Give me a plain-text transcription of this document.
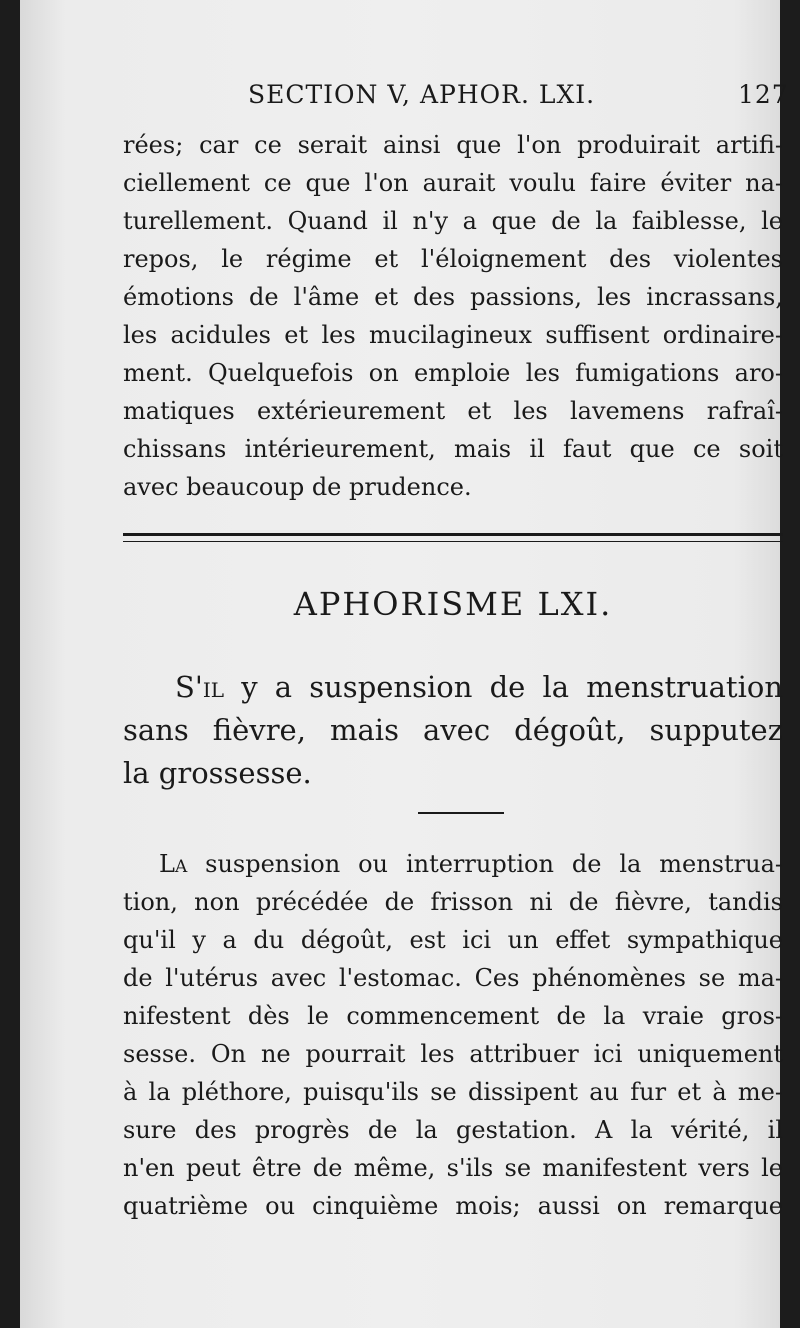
SECTION V, APHOR. LXI.	127
rées; car ce serait ainsi que l'on produirait artifi-
ciellement ce que l'on aurait voulu faire éviter na-
turellement. Quand il n'y a que de la faiblesse, le
repos, le régime et l'éloignement des violentes
émotions de l'âme et des passions, les incrassans,
les acidules et les mucilagineux suffisent ordinaire-
ment. Quelquefois on emploie les fumigations aro-
matiques extérieurement et les lavemens rafraî-
chissans intérieurement, mais il faut que ce soit
avec beaucoup de prudence.
APHORISME LXI.
S'il y a suspension de la menstruation
sans fièvre, mais avec dégoût, supputez
la grossesse.
La suspension ou interruption de la menstrua-
tion, non précédée de frisson ni de fièvre, tandis
qu'il y a du dégoût, est ici un effet sympathique
de l'utérus avec l'estomac. Ces phénomènes se ma-
nifestent dès le commencement de la vraie gros-
sesse. On ne pourrait les attribuer ici uniquement
à la pléthore, puisqu'ils se dissipent au fur et à me-
sure des progrès de la gestation. A la vérité, il
n'en peut être de même, s'ils se manifestent vers le
quatrième ou cinquième mois; aussi on remarque
